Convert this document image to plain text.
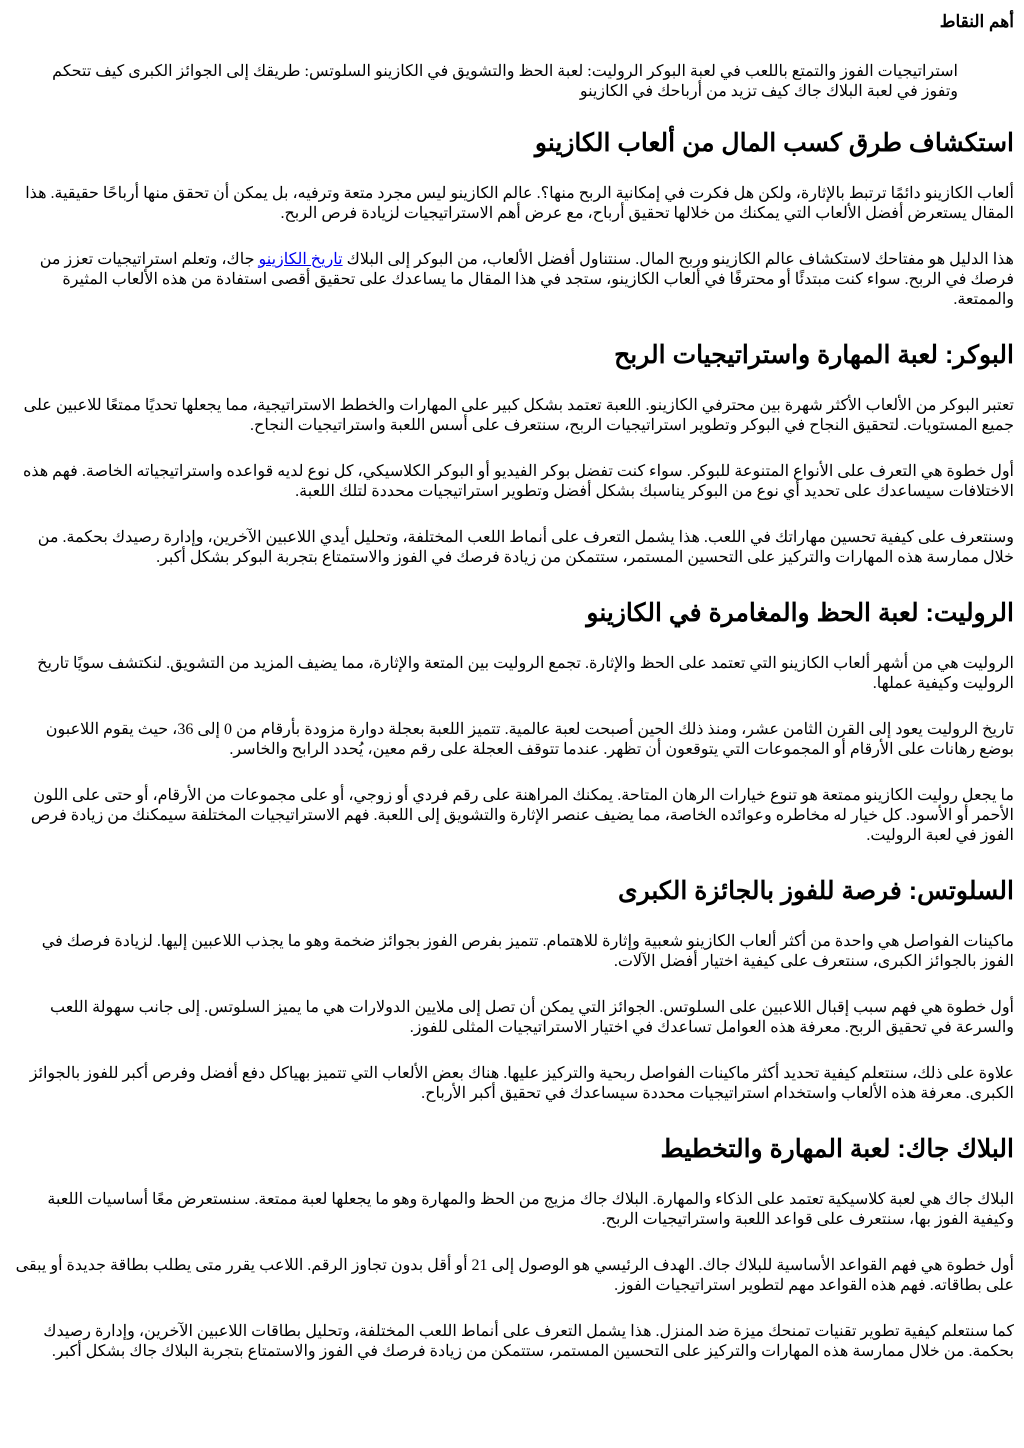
أهم النقاط
استراتيجيات الفوز والتمتع باللعب في لعبة البوكر الروليت: لعبة الحظ والتشويق في الكازينو السلوتس: طريقك إلى الجوائز الكبرى كيف تتحكم وتفوز في لعبة البلاك جاك كيف تزيد من أرباحك في الكازينو
استكشاف طرق كسب المال من ألعاب الكازينو

ألعاب الكازينو دائمًا ترتبط بالإثارة، ولكن هل فكرت في إمكانية الربح منها؟. عالم الكازينو ليس مجرد متعة وترفيه، بل يمكن أن تحقق منها أرباحًا حقيقية. هذا المقال يستعرض أفضل الألعاب التي يمكنك من خلالها تحقيق أرباح، مع عرض أهم الاستراتيجيات لزيادة فرص الربح.

هذا الدليل هو مفتاحك لاستكشاف عالم الكازينو وربح المال. سنتناول أفضل الألعاب، من البوكر إلى البلاك تاريخ الكازينو جاك، وتعلم استراتيجيات تعزز من فرصك في الربح. سواء كنت مبتدئًا أو محترفًا في ألعاب الكازينو، ستجد في هذا المقال ما يساعدك على تحقيق أقصى استفادة من هذه الألعاب المثيرة والممتعة.

البوكر: لعبة المهارة واستراتيجيات الربح

تعتبر البوكر من الألعاب الأكثر شهرة بين محترفي الكازينو. اللعبة تعتمد بشكل كبير على المهارات والخطط الاستراتيجية، مما يجعلها تحديًا ممتعًا للاعبين على جميع المستويات. لتحقيق النجاح في البوكر وتطوير استراتيجيات الربح، سنتعرف على أسس اللعبة واستراتيجيات النجاح.

أول خطوة هي التعرف على الأنواع المتنوعة للبوكر. سواء كنت تفضل بوكر الفيديو أو البوكر الكلاسيكي، كل نوع لديه قواعده واستراتيجياته الخاصة. فهم هذه الاختلافات سيساعدك على تحديد أي نوع من البوكر يناسبك بشكل أفضل وتطوير استراتيجيات محددة لتلك اللعبة.

وسنتعرف على كيفية تحسين مهاراتك في اللعب. هذا يشمل التعرف على أنماط اللعب المختلفة، وتحليل أيدي اللاعبين الآخرين، وإدارة رصيدك بحكمة. من خلال ممارسة هذه المهارات والتركيز على التحسين المستمر، ستتمكن من زيادة فرصك في الفوز والاستمتاع بتجربة البوكر بشكل أكبر.

الروليت: لعبة الحظ والمغامرة في الكازينو

الروليت هي من أشهر ألعاب الكازينو التي تعتمد على الحظ والإثارة. تجمع الروليت بين المتعة والإثارة، مما يضيف المزيد من التشويق. لنكتشف سويًا تاريخ الروليت وكيفية عملها.

تاريخ الروليت يعود إلى القرن الثامن عشر، ومنذ ذلك الحين أصبحت لعبة عالمية. تتميز اللعبة بعجلة دوارة مزودة بأرقام من 0 إلى 36، حيث يقوم اللاعبون بوضع رهانات على الأرقام أو المجموعات التي يتوقعون أن تظهر. عندما تتوقف العجلة على رقم معين، يُحدد الرابح والخاسر.

ما يجعل روليت الكازينو ممتعة هو تنوع خيارات الرهان المتاحة. يمكنك المراهنة على رقم فردي أو زوجي، أو على مجموعات من الأرقام، أو حتى على اللون الأحمر أو الأسود. كل خيار له مخاطره وعوائده الخاصة، مما يضيف عنصر الإثارة والتشويق إلى اللعبة. فهم الاستراتيجيات المختلفة سيمكنك من زيادة فرص الفوز في لعبة الروليت.

السلوتس: فرصة للفوز بالجائزة الكبرى

ماكينات الفواصل هي واحدة من أكثر ألعاب الكازينو شعبية وإثارة للاهتمام. تتميز بفرص الفوز بجوائز ضخمة وهو ما يجذب اللاعبين إليها. لزيادة فرصك في الفوز بالجوائز الكبرى، سنتعرف على كيفية اختيار أفضل الآلات.

أول خطوة هي فهم سبب إقبال اللاعبين على السلوتس. الجوائز التي يمكن أن تصل إلى ملايين الدولارات هي ما يميز السلوتس. إلى جانب سهولة اللعب والسرعة في تحقيق الربح. معرفة هذه العوامل تساعدك في اختيار الاستراتيجيات المثلى للفوز.

علاوة على ذلك، سنتعلم كيفية تحديد أكثر ماكينات الفواصل ربحية والتركيز عليها. هناك بعض الألعاب التي تتميز بهياكل دفع أفضل وفرص أكبر للفوز بالجوائز الكبرى. معرفة هذه الألعاب واستخدام استراتيجيات محددة سيساعدك في تحقيق أكبر الأرباح.

البلاك جاك: لعبة المهارة والتخطيط

البلاك جاك هي لعبة كلاسيكية تعتمد على الذكاء والمهارة. البلاك جاك مزيج من الحظ والمهارة وهو ما يجعلها لعبة ممتعة. سنستعرض معًا أساسيات اللعبة وكيفية الفوز بها، سنتعرف على قواعد اللعبة واستراتيجيات الربح.

أول خطوة هي فهم القواعد الأساسية للبلاك جاك. الهدف الرئيسي هو الوصول إلى 21 أو أقل بدون تجاوز الرقم. اللاعب يقرر متى يطلب بطاقة جديدة أو يبقى على بطاقاته. فهم هذه القواعد مهم لتطوير استراتيجيات الفوز.

كما سنتعلم كيفية تطوير تقنيات تمنحك ميزة ضد المنزل. هذا يشمل التعرف على أنماط اللعب المختلفة، وتحليل بطاقات اللاعبين الآخرين، وإدارة رصيدك بحكمة. من خلال ممارسة هذه المهارات والتركيز على التحسين المستمر، ستتمكن من زيادة فرصك في الفوز والاستمتاع بتجربة البلاك جاك بشكل أكبر.
